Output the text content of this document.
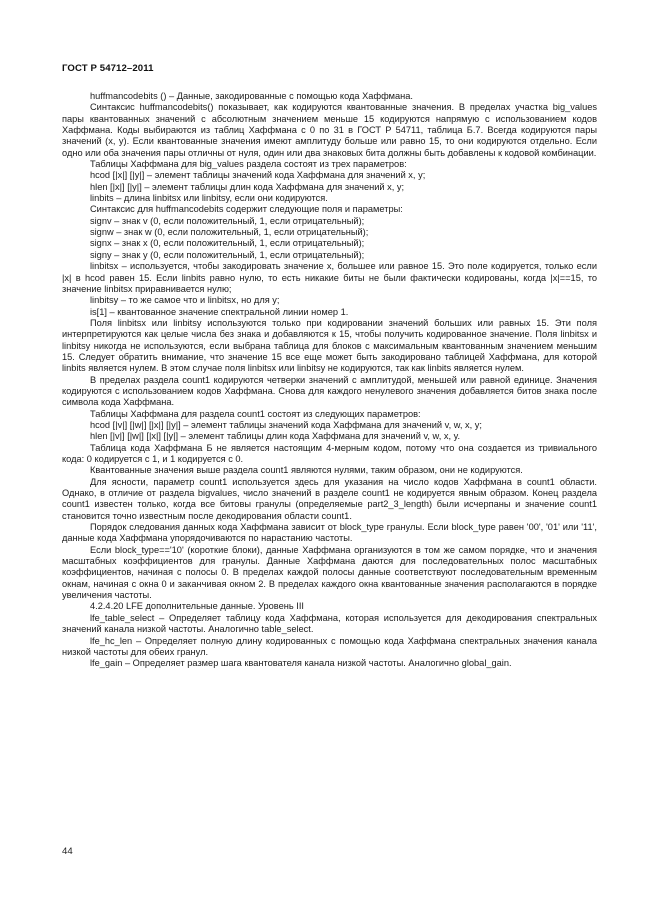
ГОСТ Р 54712–2011

huffmancodebits () – Данные, закодированные с помощью кода Хаффмана.

Синтаксис huffmancodebits() показывает, как кодируются квантованные значения. В пределах участка big_values пары квантованных значений с абсолютным значением меньше 15 кодируются напрямую с использованием кодов Хаффмана. Коды выбираются из таблиц Хаффмана с 0 по 31 в ГОСТ Р 54711, таблица Б.7. Всегда кодируются пары значений (x, y). Если квантованные значения имеют амплитуду больше или равно 15, то они кодируются отдельно. Если одно или оба значения пары отличны от нуля, один или два знаковых бита должны быть добавлены к кодовой комбинации.

Таблицы Хаффмана для big_values раздела состоят из трех параметров:

hcod [|x|] [|y|] – элемент таблицы значений кода Хаффмана для значений x, y;

hlen [|x|] [|y|] – элемент таблицы длин кода Хаффмана для значений x, y;

linbits – длина linbitsx или linbitsy, если они кодируются.

Синтаксис для huffmancodebits содержит следующие поля и параметры:

signv – знак v (0, если положительный, 1, если отрицательный);

signw – знак w (0, если положительный, 1, если отрицательный);

signx – знак x (0, если положительный, 1, если отрицательный);

signy – знак y (0, если положительный, 1, если отрицательный);

linbitsx – используется, чтобы закодировать значение x, большее или равное 15. Это поле кодируется, только если |x| в hcod равен 15. Если linbits равно нулю, то есть никакие биты не были фактически кодированы, когда |x|==15, то значение linbitsx приравнивается нулю;

linbitsy – то же самое что и linbitsx, но для y;

is[1] – квантованное значение спектральной линии номер 1.

Поля linbitsx или linbitsy используются только при кодировании значений больших или равных 15. Эти поля интерпретируются как целые числа без знака и добавляются к 15, чтобы получить кодированное значение. Поля linbitsx и linbitsy никогда не используются, если выбрана таблица для блоков с максимальным квантованным значением меньшим 15. Следует обратить внимание, что значение 15 все еще может быть закодировано таблицей Хаффмана, для которой linbits является нулем. В этом случае поля linbitsx или linbitsy не кодируются, так как linbits является нулем.

В пределах раздела count1 кодируются четверки значений с амплитудой, меньшей или равной единице. Значения кодируются с использованием кодов Хаффмана. Снова для каждого ненулевого значения добавляется битов знака после символа кода Хаффмана.

Таблицы Хаффмана для раздела count1 состоят из следующих параметров:

hcod [|v|] [|w|] [|x|] [|y|] – элемент таблицы значений кода Хаффмана для значений v, w, x, y;

hlen [|v|] [|w|] [|x|] [|y|] – элемент таблицы длин кода Хаффмана для значений v, w, x, y.

Таблица кода Хаффмана Б не является настоящим 4-мерным кодом, потому что она создается из тривиального кода: 0 кодируется с 1, и 1 кодируется с 0.

Квантованные значения выше раздела count1 являются нулями, таким образом, они не кодируются.

Для ясности, параметр count1 используется здесь для указания на число кодов Хаффмана в count1 области. Однако, в отличие от раздела bigvalues, число значений в разделе count1 не кодируется явным образом. Конец раздела count1 известен только, когда все битовы гранулы (определяемые part2_3_length) были исчерпаны и значение count1 становится точно известным после декодирования области count1.

Порядок следования данных кода Хаффмана зависит от block_type гранулы. Если block_type равен '00', '01' или '11', данные кода Хаффмана упорядочиваются по нарастанию частоты.

Если block_type=='10' (короткие блоки), данные Хаффмана организуются в том же самом порядке, что и значения масштабных коэффициентов для гранулы. Данные Хаффмана даются для последовательных полос масштабных коэффициентов, начиная с полосы 0. В пределах каждой полосы данные соответствуют последовательным временным окнам, начиная с окна 0 и заканчивая окном 2. В пределах каждого окна квантованные значения располагаются в порядке увеличения частоты.

4.2.4.20 LFE дополнительные данные. Уровень III

lfe_table_select – Определяет таблицу кода Хаффмана, которая используется для декодирования спектральных значений канала низкой частоты. Аналогично table_select.

lfe_hc_len – Определяет полную длину кодированных с помощью кода Хаффмана спектральных значения канала низкой частоты для обеих гранул.

lfe_gain – Определяет размер шага квантователя канала низкой частоты. Аналогично global_gain.

44
